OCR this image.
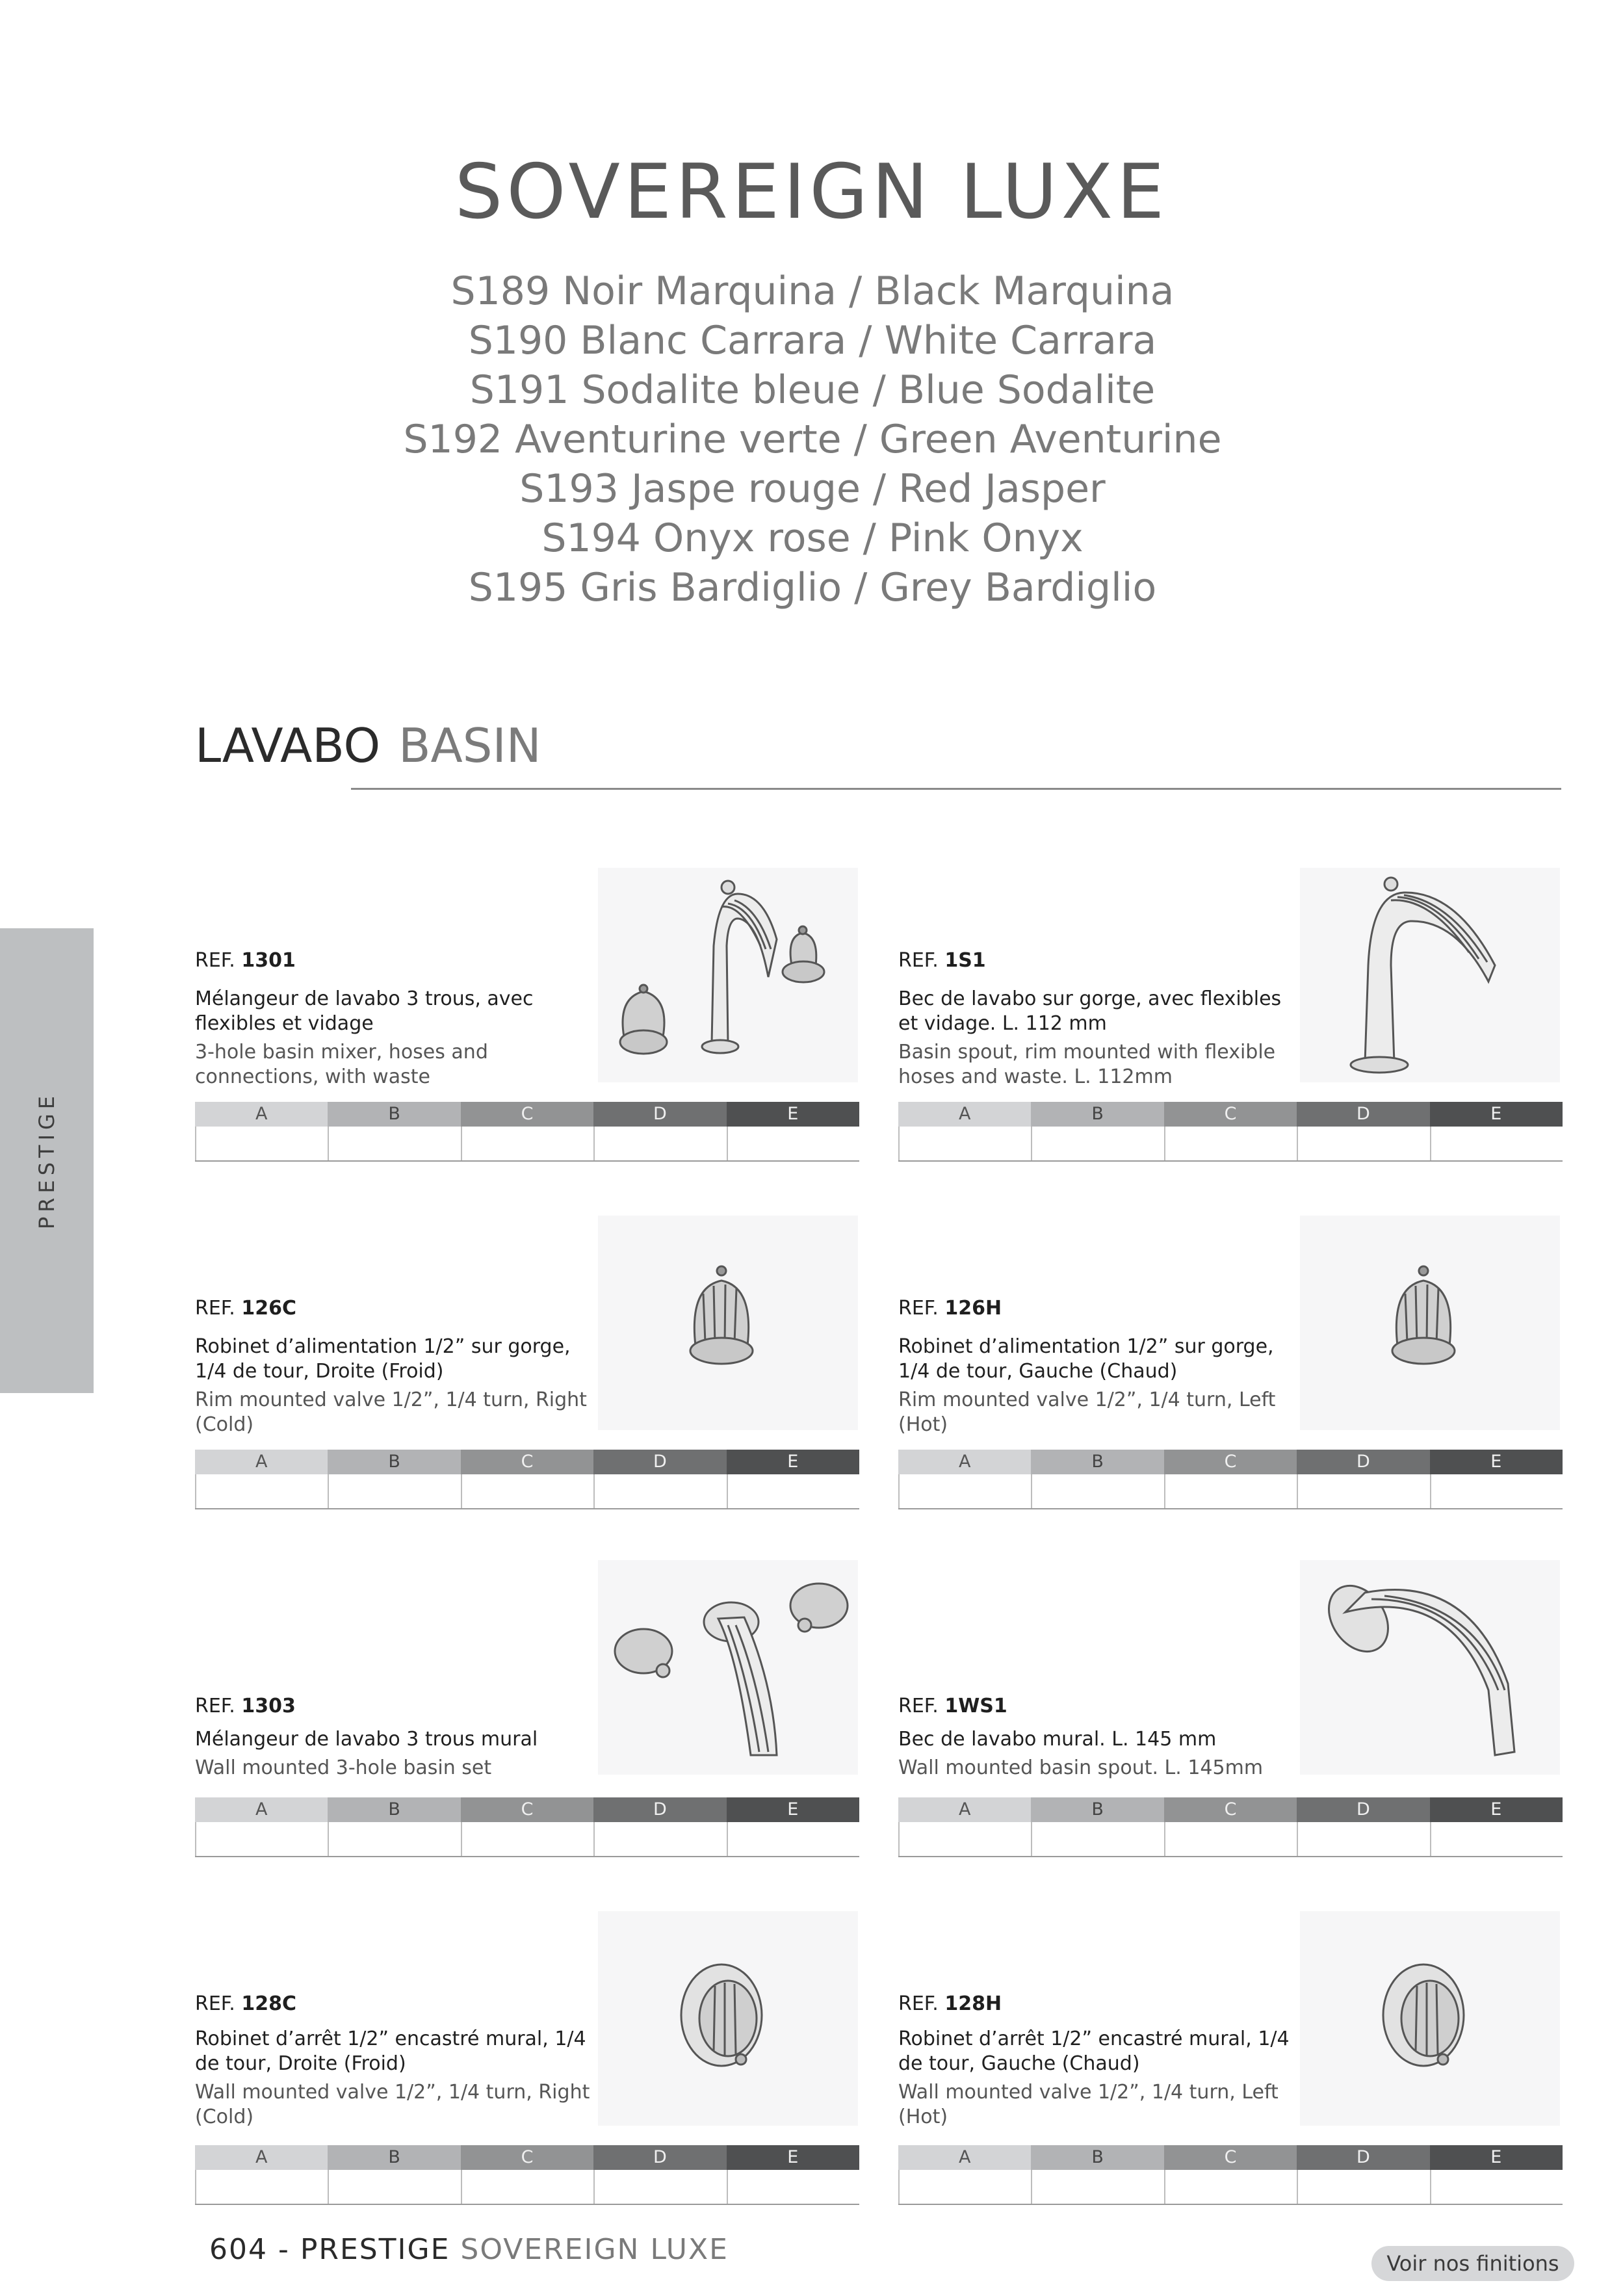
SOVEREIGN LUXE
S189 Noir Marquina / Black Marquina
S190 Blanc Carrara / White Carrara
S191 Sodalite bleue / Blue Sodalite
S192 Aventurine verte / Green Aventurine
S193 Jaspe rouge / Red Jasper
S194 Onyx rose / Pink Onyx
S195 Gris Bardiglio / Grey Bardiglio
LAVABO BASIN
PRESTIGE
REF. 1301
Mélangeur de lavabo 3 trous, avec flexibles et vidage
3-hole basin mixer, hoses and connections, with waste
A	B	C	D	E
REF. 1S1
Bec de lavabo sur gorge, avec flexibles et vidage. L. 112 mm
Basin spout, rim mounted with flexible hoses and waste. L. 112mm
A	B	C	D	E
REF. 126C
Robinet d’alimentation 1/2” sur gorge, 1/4 de tour, Droite (Froid)
Rim mounted valve 1/2”, 1/4 turn, Right (Cold)
A	B	C	D	E
REF. 126H
Robinet d’alimentation 1/2” sur gorge, 1/4 de tour, Gauche (Chaud)
Rim mounted valve 1/2”, 1/4 turn, Left (Hot)
A	B	C	D	E
REF. 1303
Mélangeur de lavabo 3 trous mural
Wall mounted 3-hole basin set
A	B	C	D	E
REF. 1WS1
Bec de lavabo mural. L. 145 mm
Wall mounted basin spout. L. 145mm
A	B	C	D	E
REF. 128C
Robinet d’arrêt 1/2” encastré mural, 1/4 de tour, Droite (Froid)
Wall mounted valve 1/2”, 1/4 turn, Right (Cold)
A	B	C	D	E
REF. 128H
Robinet d’arrêt 1/2” encastré mural, 1/4 de tour, Gauche (Chaud)
Wall mounted valve 1/2”, 1/4 turn, Left (Hot)
A	B	C	D	E
604 - PRESTIGE SOVEREIGN LUXE	Voir nos finitions
